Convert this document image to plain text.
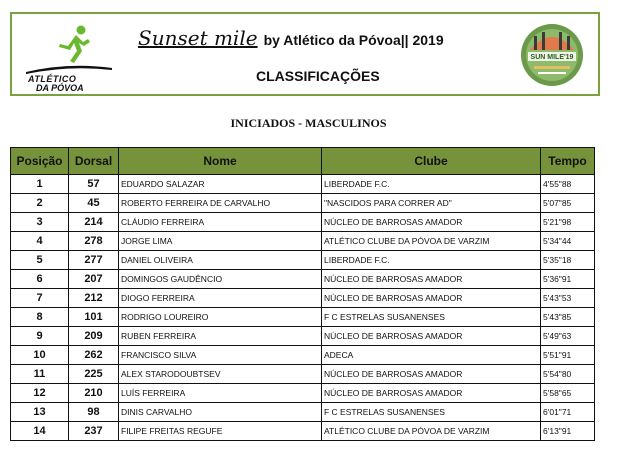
ATLÉTICO
DA PÓVOA
Sunset mile by Atlético da Póvoa|| 2019
CLASSIFICAÇÕES
SUN MILE'19
INICIADOS - MASCULINOS
Posição	Dorsal	Nome	Clube	Tempo
1	57	EDUARDO SALAZAR	LIBERDADE F.C.	4'55"88
2	45	ROBERTO FERREIRA DE CARVALHO	"NASCIDOS PARA CORRER AD"	5'07"85
3	214	CLÁUDIO FERREIRA	NÚCLEO DE BARROSAS AMADOR	5'21"98
4	278	JORGE LIMA	ATLÉTICO CLUBE DA PÓVOA DE VARZIM	5'34"44
5	277	DANIEL OLIVEIRA	LIBERDADE F.C.	5'35"18
6	207	DOMINGOS GAUDÊNCIO	NÚCLEO DE BARROSAS AMADOR	5'36"91
7	212	DIOGO FERREIRA	NÚCLEO DE BARROSAS AMADOR	5'43"53
8	101	RODRIGO LOUREIRO	F C ESTRELAS SUSANENSES	5'43"85
9	209	RUBEN FERREIRA	NÚCLEO DE BARROSAS AMADOR	5'49"63
10	262	FRANCISCO SILVA	ADECA	5'51"91
11	225	ALEX STARODOUBTSEV	NÚCLEO DE BARROSAS AMADOR	5'54"80
12	210	LUÍS FERREIRA	NÚCLEO DE BARROSAS AMADOR	5'58"65
13	98	DINIS CARVALHO	F C ESTRELAS SUSANENSES	6'01"71
14	237	FILIPE FREITAS REGUFE	ATLÉTICO CLUBE DA PÓVOA DE VARZIM	6'13"91
